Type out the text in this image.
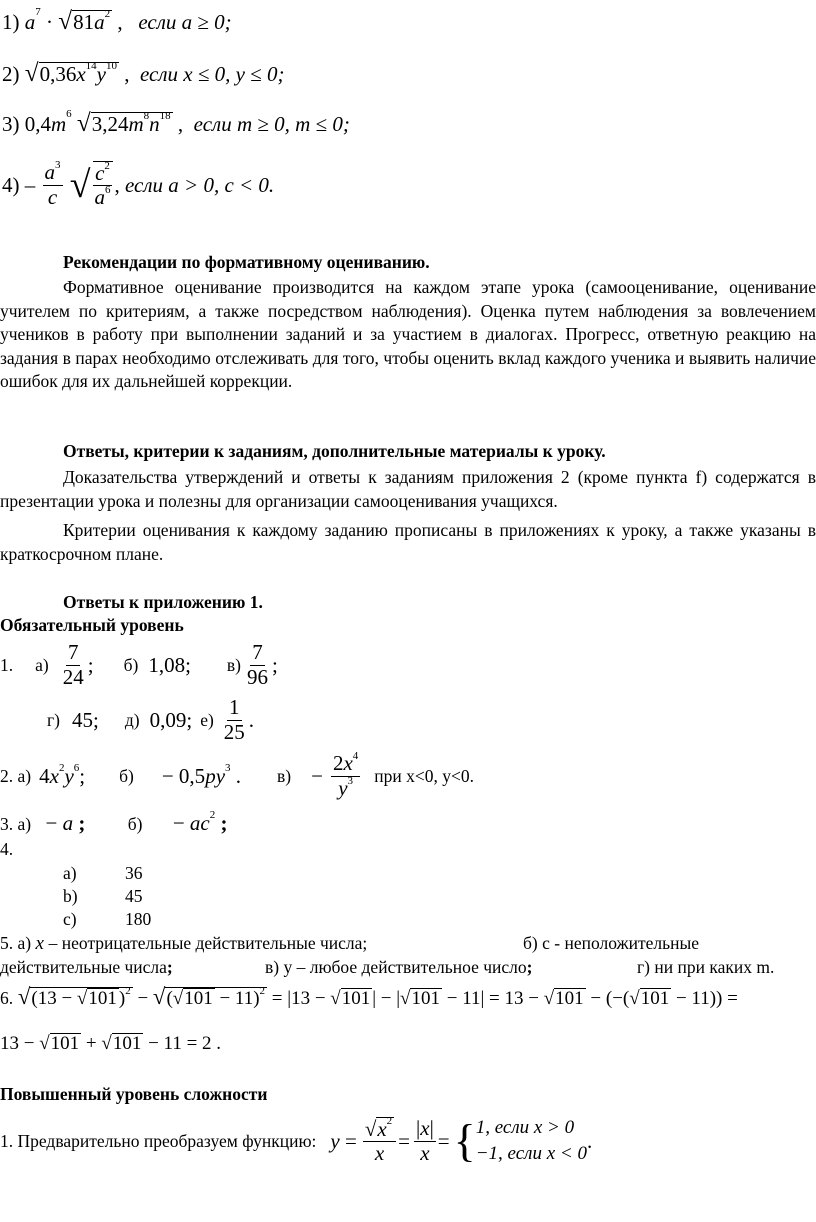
1) $a^7 \cdot √81a^2$ ,   если a ≥ 0;
2) $√0,36x^{14}y^{10}$ ,  если x ≤ 0, y ≤ 0;
3) $0,4m^6$ $√3,24m^8n^{18}$ ,  если m ≥ 0, m ≤ 0;
4) –
$a^3$
c
√ $c^2$
$a^6$ , если a > 0, c < 0.
Рекомендации по формативному оцениванию.
Формативное оценивание производится на каждом этапе урока (самооценивание, оценивание учителем по критериям, а также посредством наблюдения). Оценка путем наблюдения за вовлечением учеников в работу при выполнении заданий и за участием в диалогах. Прогресс, ответную реакцию на задания в парах необходимо отслеживать для того, чтобы оценить вклад каждого ученика и выявить наличие ошибок для их дальнейшей коррекции.
Ответы, критерии к заданиям, дополнительные материалы к уроку.
Доказательства утверждений и ответы к заданиям приложения 2 (кроме пункта f) содержатся в презентации урока и полезны для организации самооценивания учащихся.
Критерии оценивания к каждому заданию прописаны в приложениях к уроку, а также указаны в краткосрочном плане.
Ответы к приложению 1.
Обязательный уровень
1. а)
7
24 ; б) 1,08 ; в)
7
96 ;
г) 45 ; д) 0,09 ; е)
1
25 .
2. а) $4x^2y^6$; $б) - 0,5py^3$ . $в) - \frac{2x^4}{y^3}$ при x<0, y<0.
3. а) − a ; $б) - ac^2$ ;
4.
a)	36
b)	45
c)	180
5. а) x – неотрицательные действительные числа;	б) c - неположительные
действительные числа;	в) y – любое действительное число;	г) ни при каких m.
6. √(13 − √101 )$^2 - √(√101 - 11)^2 = |13 - √101$ | − |√101 − 11| = 13 − √101 − (−(√101 − 11)) =
13 − √101 + √101 − 11 = 2 .
Повышенный уровень сложности
1. Предварительно преобразуем функцию: $y = \frac{√x^2}{x} = \frac{|x|}{x}$ = { 1, если x > 0
−1, если x < 0
.
